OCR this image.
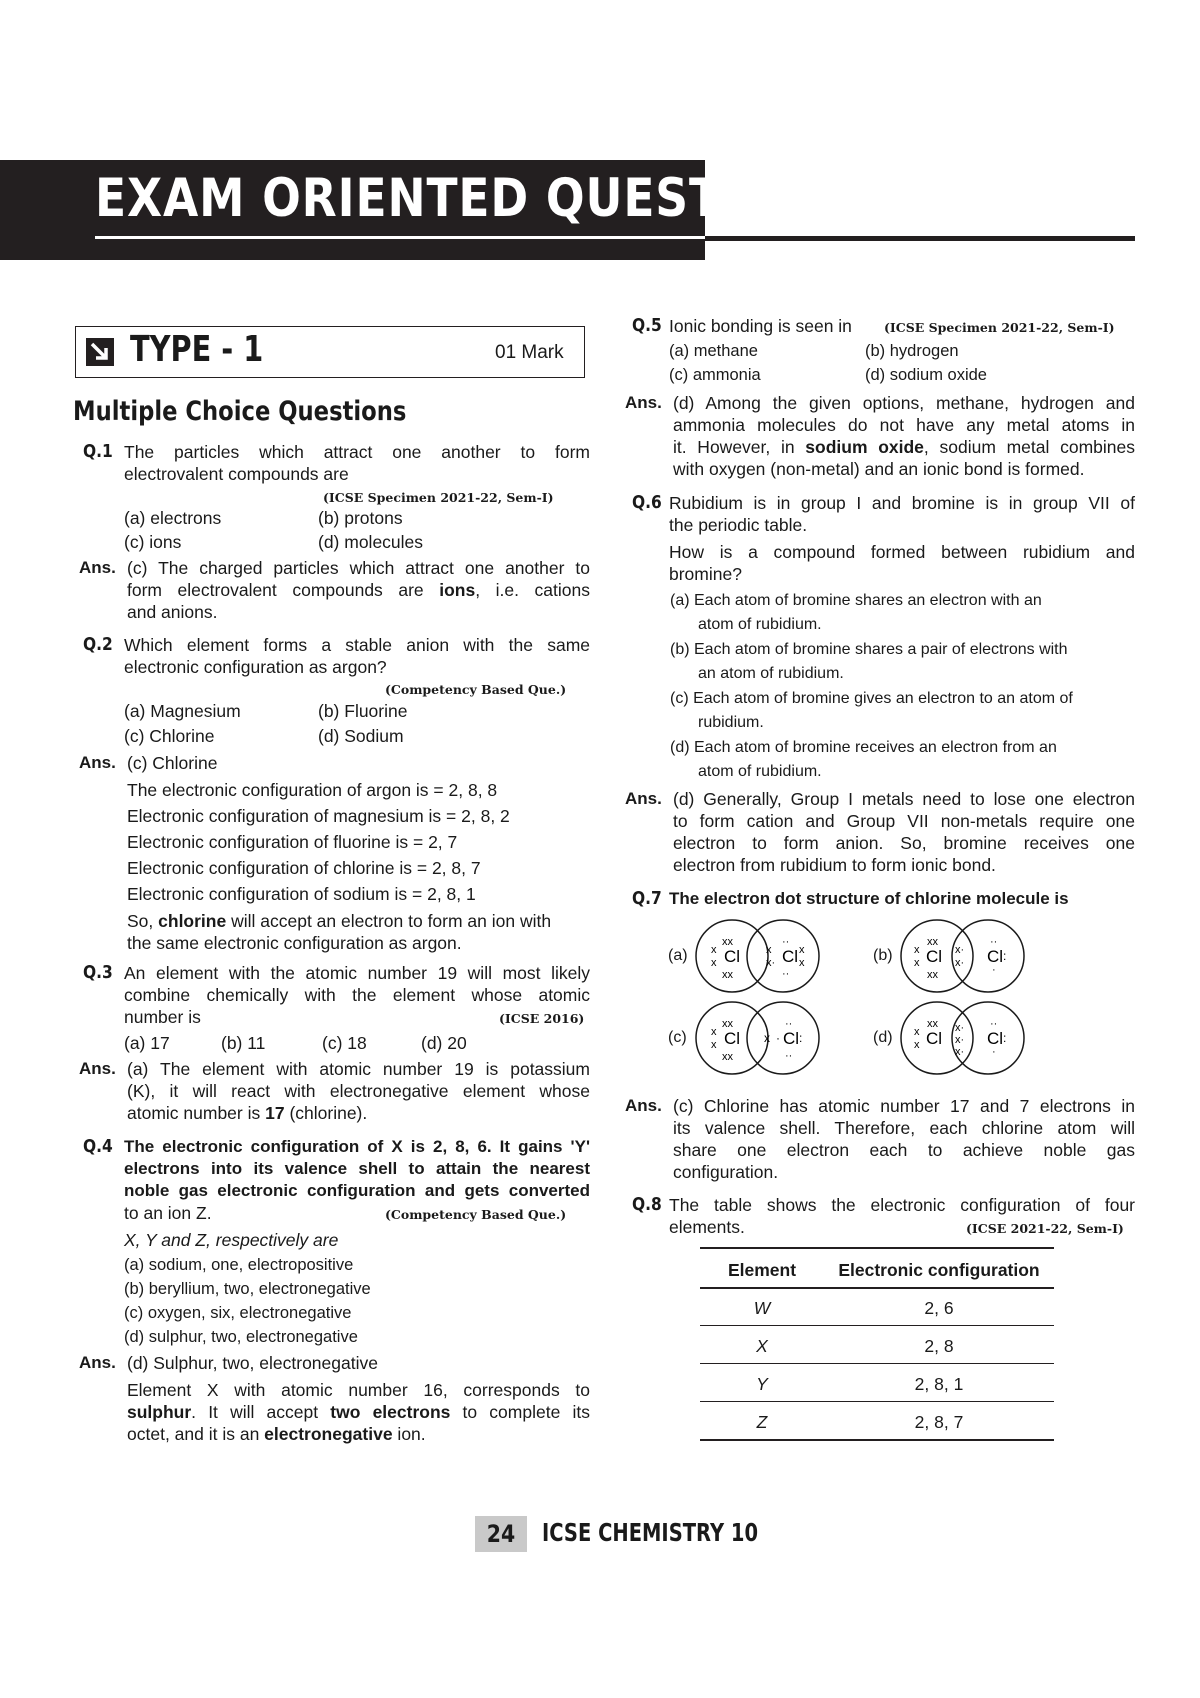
EXAM ORIENTED QUESTIONS
TYPE - 1	01 Mark
Multiple Choice Questions
Q.1 The particles which attract one another to form
electrovalent compounds are
(ICSE Specimen 2021-22, Sem-I)
(a) electrons	(b) protons
(c) ions	(d) molecules
Ans. (c) The charged particles which attract one another to
form electrovalent compounds are ions, i.e. cations
and anions.
Q.2 Which element forms a stable anion with the same
electronic configuration as argon?
(Competency Based Que.)
(a) Magnesium	(b) Fluorine
(c) Chlorine	(d) Sodium
Ans. (c) Chlorine
The electronic configuration of argon is = 2, 8, 8
Electronic configuration of magnesium is = 2, 8, 2
Electronic configuration of fluorine is = 2, 7
Electronic configuration of chlorine is = 2, 8, 7
Electronic configuration of sodium is = 2, 8, 1
So, chlorine will accept an electron to form an ion with
the same electronic configuration as argon.
Q.3 An element with the atomic number 19 will most likely
combine chemically with the element whose atomic
number is	(ICSE 2016)
(a) 17	(b) 11	(c) 18	(d) 20
Ans. (a) The element with atomic number 19 is potassium
(K), it will react with electronegative element whose
atomic number is 17 (chlorine).
Q.4 The electronic configuration of X is 2, 8, 6. It gains 'Y'
electrons into its valence shell to attain the nearest
noble gas electronic configuration and gets converted
to an ion Z.	(Competency Based Que.)
X, Y and Z, respectively are
(a) sodium, one, electropositive
(b) beryllium, two, electronegative
(c) oxygen, six, electronegative
(d) sulphur, two, electronegative
Ans. (d) Sulphur, two, electronegative
Element X with atomic number 16, corresponds to
sulphur. It will accept two electrons to complete its
octet, and it is an electronegative ion.
Q.5 Ionic bonding is seen in	(ICSE Specimen 2021-22, Sem-I)
(a) methane	(b) hydrogen
(c) ammonia	(d) sodium oxide
Ans. (d) Among the given options, methane, hydrogen and
ammonia molecules do not have any metal atoms in
it. However, in sodium oxide, sodium metal combines
with oxygen (non-metal) and an ionic bond is formed.
Q.6 Rubidium is in group I and bromine is in group VII of
the periodic table.
How is a compound formed between rubidium and
bromine?
(a) Each atom of bromine shares an electron with an
atom of rubidium.
(b) Each atom of bromine shares a pair of electrons with
an atom of rubidium.
(c) Each atom of bromine gives an electron to an atom of
rubidium.
(d) Each atom of bromine receives an electron from an
atom of rubidium.
Ans. (d) Generally, Group I metals need to lose one electron
to form cation and Group VII non-metals require one
electron to form anion. So, bromine receives one
electron from rubidium to form ionic bond.
Q.7 The electron dot structure of chlorine molecule is
(a)	(b)
(c)	(d)
Cl Cl
xx
xx
x
x
x
x·
··
··
x
x	Cl	Cl
xx
xx
x
x
x·
x·
··
:
·
Cl	Cl
xx
xx
x
x	x ·
··
··
:	Cl	Cl
xx
x
x
x·
x·
x·
··
:
·
Ans. (c) Chlorine has atomic number 17 and 7 electrons in
its valence shell. Therefore, each chlorine atom will
share one electron each to achieve noble gas
configuration.
Q.8 The table shows the electronic configuration of four
elements.	(ICSE 2021-22, Sem-I)
Element	Electronic configuration
W	2, 6
X	2, 8
Y	2, 8, 1
Z	2, 8, 7
24	ICSE CHEMISTRY 10
